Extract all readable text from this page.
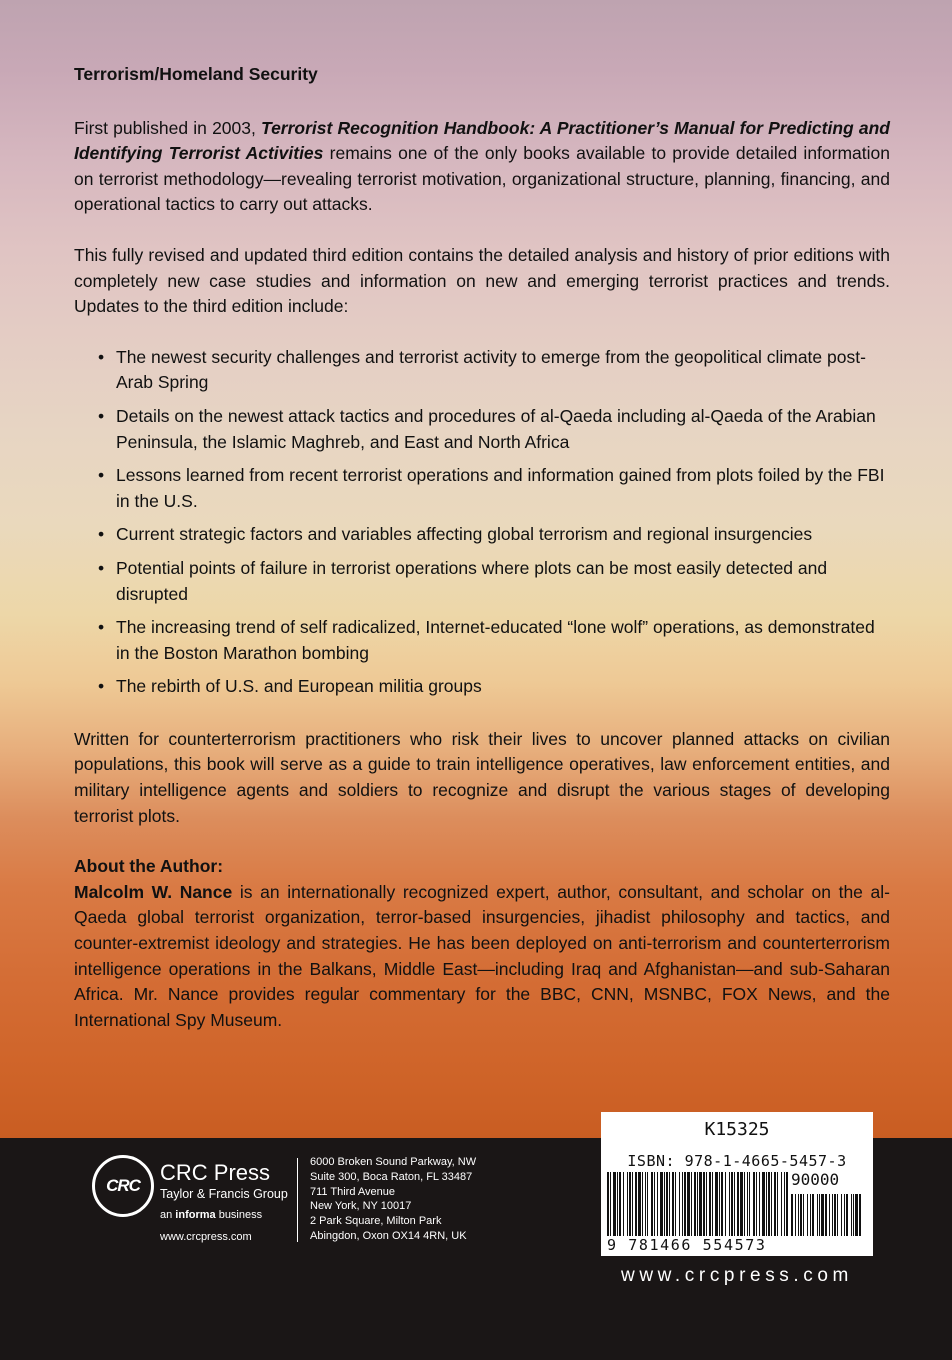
Terrorism/Homeland Security

First published in 2003, Terrorist Recognition Handbook: A Practitioner’s Manual for Predicting and Identifying Terrorist Activities remains one of the only books available to provide detailed information on terrorist methodology—revealing terrorist motivation, organizational structure, planning, financing, and operational tactics to carry out attacks.

This fully revised and updated third edition contains the detailed analysis and history of prior editions with completely new case studies and information on new and emerging terrorist practices and trends. Updates to the third edition include:

• The newest security challenges and terrorist activity to emerge from the geopolitical climate post-Arab Spring
• Details on the newest attack tactics and procedures of al-Qaeda including al-Qaeda of the Arabian Peninsula, the Islamic Maghreb, and East and North Africa
• Lessons learned from recent terrorist operations and information gained from plots foiled by the FBI in the U.S.
• Current strategic factors and variables affecting global terrorism and regional insurgencies
• Potential points of failure in terrorist operations where plots can be most easily detected and disrupted
• The increasing trend of self radicalized, Internet-educated “lone wolf” operations, as demonstrated in the Boston Marathon bombing
• The rebirth of U.S. and European militia groups

Written for counterterrorism practitioners who risk their lives to uncover planned attacks on civilian populations, this book will serve as a guide to train intelligence operatives, law enforcement entities, and military intelligence agents and soldiers to recognize and disrupt the various stages of developing terrorist plots.

About the Author:

Malcolm W. Nance is an internationally recognized expert, author, consultant, and scholar on the al-Qaeda global terrorist organization, terror-based insurgencies, jihadist philosophy and tactics, and counter-extremist ideology and strategies. He has been deployed on anti-terrorism and counterterrorism intelligence operations in the Balkans, Middle East—including Iraq and Afghanistan—and sub-Saharan Africa. Mr. Nance provides regular commentary for the BBC, CNN, MSNBC, FOX News, and the International Spy Museum.

CRC
CRC Press
Taylor & Francis Group
an informa business
www.crcpress.com
6000 Broken Sound Parkway, NW
Suite 300, Boca Raton, FL 33487
711 Third Avenue
New York, NY 10017
2 Park Square, Milton Park
Abingdon, Oxon OX14 4RN, UK
K15325
ISBN: 978-1-4665-5457-3
90000
9 781466 554573
www.crcpress.com
